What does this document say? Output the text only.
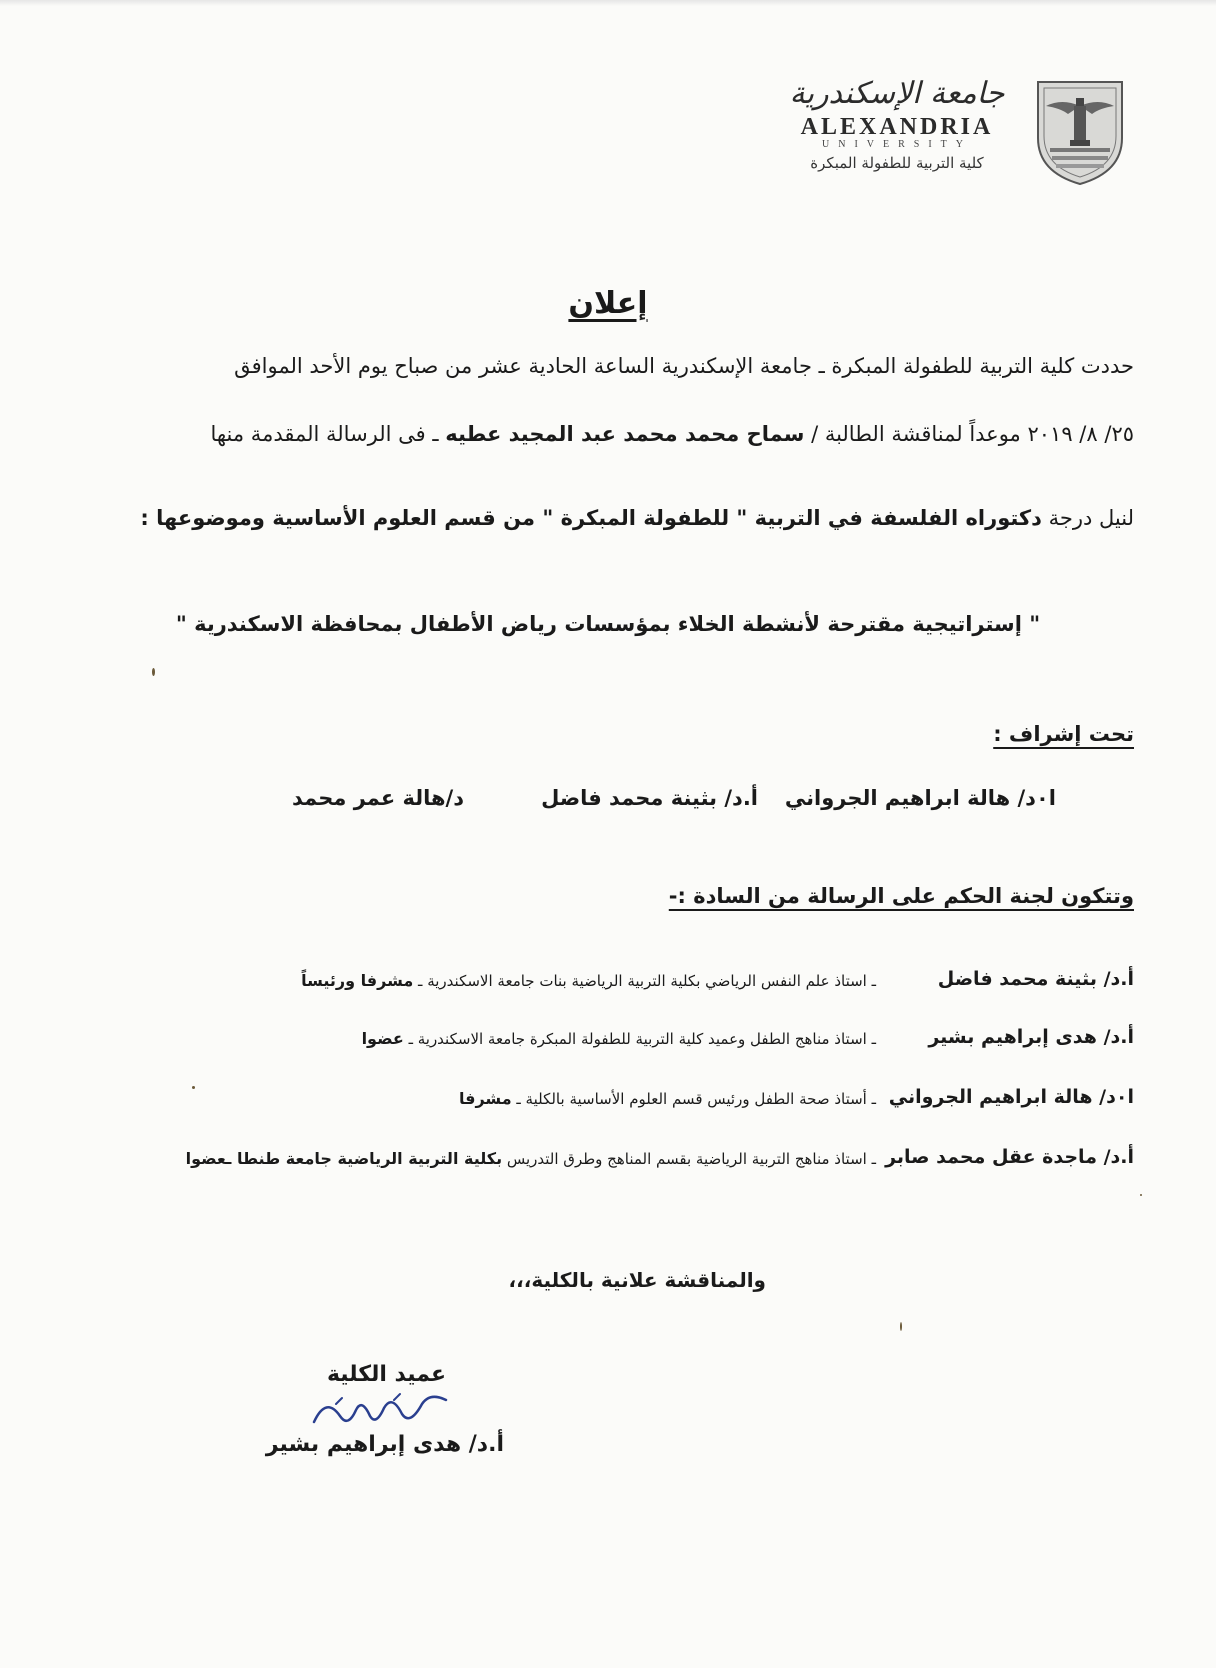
جامعة الإسكندرية
ALEXANDRIA
UNIVERSITY
كلية التربية للطفولة المبكرة
إعلان
حددت كلية التربية للطفولة المبكرة ـ جامعة الإسكندرية الساعة الحادية عشر من صباح يوم الأحد الموافق
٢٥/ ٨/ ٢٠١٩ موعداً لمناقشة الطالبة / سماح محمد محمد عبد المجيد عطيه ـ فى الرسالة المقدمة منها
لنيل درجة دكتوراه الفلسفة في التربية " للطفولة المبكرة " من قسم العلوم الأساسية وموضوعها :
" إستراتيجية مقترحة لأنشطة الخلاء بمؤسسات رياض الأطفال بمحافظة الاسكندرية "
تحت إشراف :
ا٠د/ هالة ابراهيم الجرواني
أ.د/ بثينة محمد فاضل
د/هالة عمر محمد
وتتكون لجنة الحكم على الرسالة من السادة :-
أ.د/ بثينة محمد فاضل
ـ استاذ علم النفس الرياضي بكلية التربية الرياضية بنات جامعة الاسكندرية ـ مشرفا ورئيساً
أ.د/ هدى إبراهيم بشير
ـ استاذ مناهج الطفل وعميد كلية التربية للطفولة المبكرة جامعة الاسكندرية ـ عضوا
ا٠د/ هالة ابراهيم الجرواني
ـ أستاذ صحة الطفل ورئيس قسم العلوم الأساسية بالكلية ـ مشرفا
أ.د/ ماجدة عقل محمد صابر
ـ استاذ مناهج التربية الرياضية بقسم المناهج وطرق التدريس بكلية التربية الرياضية جامعة طنطا ـعضوا
والمناقشة علانية بالكلية،،،
عميد الكلية
أ.د/ هدى إبراهيم بشير
